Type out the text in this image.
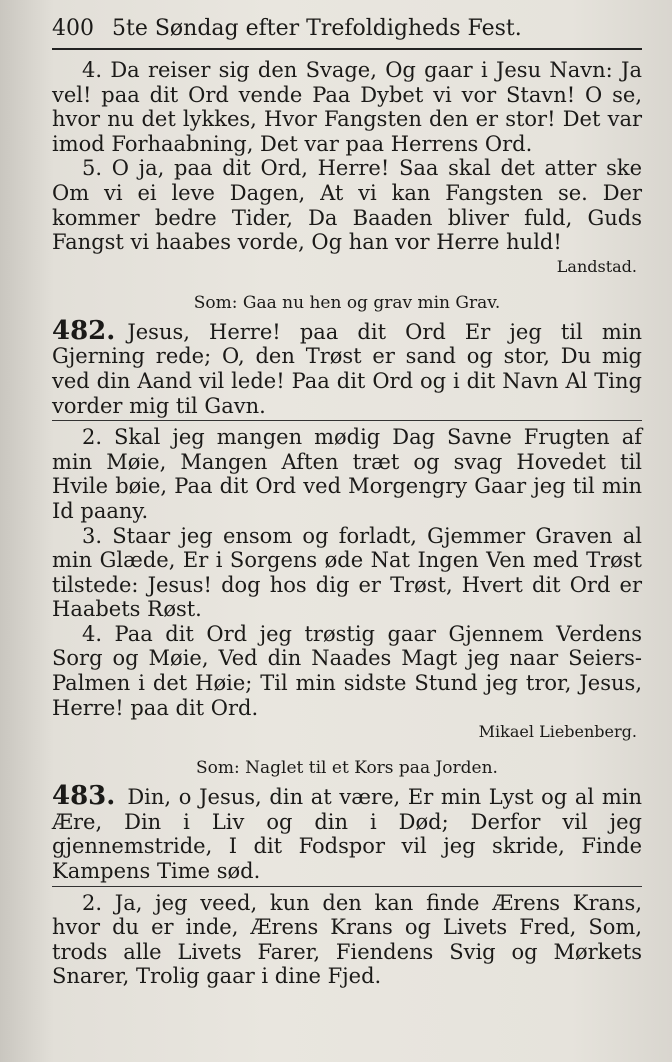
400 5te Søndag efter Trefoldigheds Fest.

4. Da reiser sig den Svage, Og gaar i Jesu Navn: Ja vel! paa dit Ord vende Paa Dybet vi vor Stavn! O se, hvor nu det lykkes, Hvor Fangsten den er stor! Det var imod Forhaabning, Det var paa Herrens Ord.

5. O ja, paa dit Ord, Herre! Saa skal det atter ske Om vi ei leve Dagen, At vi kan Fangsten se. Der kommer bedre Tider, Da Baaden bliver fuld, Guds Fangst vi haabes vorde, Og han vor Herre huld!

Landstad.

Som: Gaa nu hen og grav min Grav.

482. Jesus, Herre! paa dit Ord Er jeg til min Gjerning rede; O, den Trøst er sand og stor, Du mig ved din Aand vil lede! Paa dit Ord og i dit Navn Al Ting vorder mig til Gavn.

2. Skal jeg mangen mødig Dag Savne Frugten af min Møie, Mangen Aften træt og svag Hovedet til Hvile bøie, Paa dit Ord ved Morgengry Gaar jeg til min Id paany.

3. Staar jeg ensom og forladt, Gjemmer Graven al min Glæde, Er i Sorgens øde Nat Ingen Ven med Trøst tilstede: Jesus! dog hos dig er Trøst, Hvert dit Ord er Haabets Røst.

4. Paa dit Ord jeg trøstig gaar Gjennem Verdens Sorg og Møie, Ved din Naades Magt jeg naar Seiers-Palmen i det Høie; Til min sidste Stund jeg tror, Jesus, Herre! paa dit Ord.

Mikael Liebenberg.

Som: Naglet til et Kors paa Jorden.

483. Din, o Jesus, din at være, Er min Lyst og al min Ære, Din i Liv og din i Død; Derfor vil jeg gjennemstride, I dit Fodspor vil jeg skride, Finde Kampens Time sød.

2. Ja, jeg veed, kun den kan finde Ærens Krans, hvor du er inde, Ærens Krans og Livets Fred, Som, trods alle Livets Farer, Fiendens Svig og Mørkets Snarer, Trolig gaar i dine Fjed.
